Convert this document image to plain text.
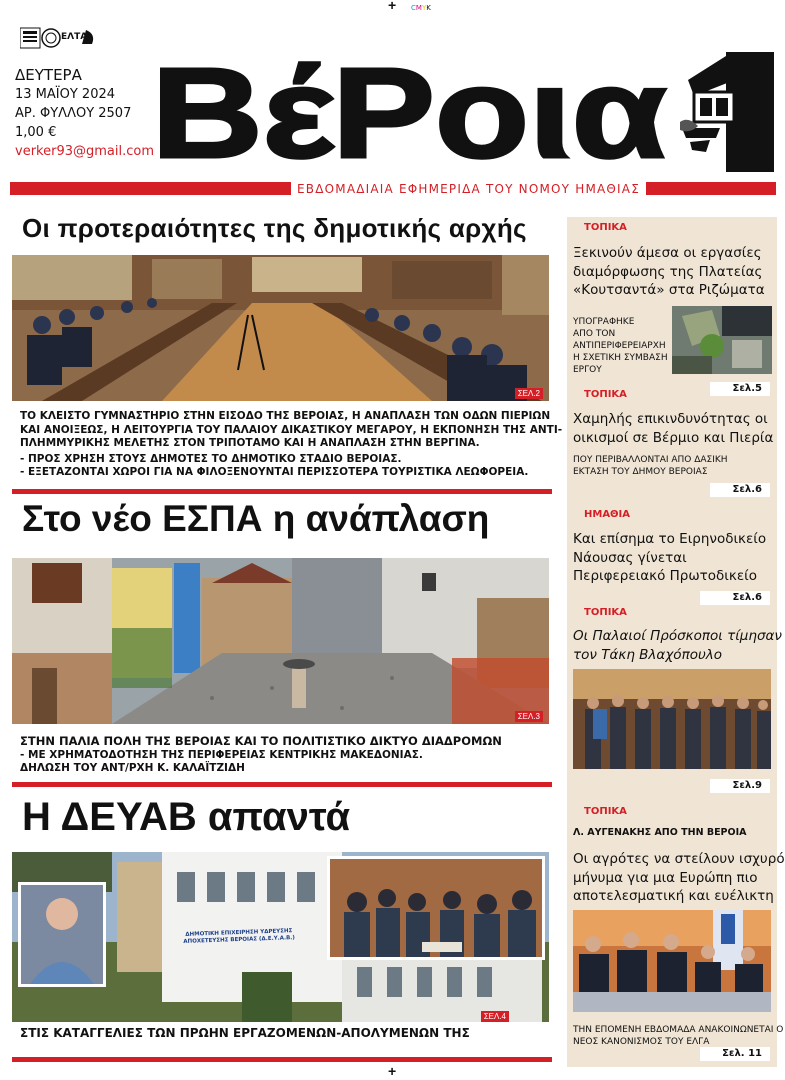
+ CMYK
+
ΕΛΤΑ
ΔΕΥΤΕΡΑ
13 ΜΑΪΟΥ 2024
ΑΡ. ΦΥΛΛΟΥ 2507
1,00 €
verker93@gmail.com
ΒέΡοια
ΕΒΔΟΜΑΔΙΑΙΑ ΕΦΗΜΕΡΙΔΑ ΤΟΥ ΝΟΜΟΥ ΗΜΑΘΙΑΣ
Οι προτεραιότητες της δημοτικής αρχής
ΣΕΛ.2
ΤΟ ΚΛΕΙΣΤΟ ΓΥΜΝΑΣΤΗΡΙΟ ΣΤΗΝ ΕΙΣΟΔΟ ΤΗΣ ΒΕΡΟΙΑΣ, Η ΑΝΑΠΛΑΣΗ ΤΩΝ ΟΔΩΝ ΠΙΕΡΙΩΝ
ΚΑΙ ΑΝΟΙΞΕΩΣ, Η ΛΕΙΤΟΥΡΓΙΑ ΤΟΥ ΠΑΛΑΙΟΥ ΔΙΚΑΣΤΙΚΟΥ ΜΕΓΑΡΟΥ, Η ΕΚΠΟΝΗΣΗ ΤΗΣ ΑΝΤΙ-
ΠΛΗΜΜΥΡΙΚΗΣ ΜΕΛΕΤΗΣ ΣΤΟΝ ΤΡΙΠΟΤΑΜΟ ΚΑΙ Η ΑΝΑΠΛΑΣΗ ΣΤΗΝ ΒΕΡΓΙΝΑ.
- ΠΡΟΣ ΧΡΗΣΗ ΣΤΟΥΣ ΔΗΜΟΤΕΣ ΤΟ ΔΗΜΟΤΙΚΟ ΣΤΑΔΙΟ ΒΕΡΟΙΑΣ.
- ΕΞΕΤΑΖΟΝΤΑΙ ΧΩΡΟΙ ΓΙΑ ΝΑ ΦΙΛΟΞΕΝΟΥΝΤΑΙ ΠΕΡΙΣΣΟΤΕΡΑ ΤΟΥΡΙΣΤΙΚΑ ΛΕΩΦΟΡΕΙΑ.
Στο νέο ΕΣΠΑ η ανάπλαση
ΣΕΛ.3
ΣΤΗΝ ΠΑΛΙΑ ΠΟΛΗ ΤΗΣ ΒΕΡΟΙΑΣ ΚΑΙ ΤΟ ΠΟΛΙΤΙΣΤΙΚΟ ΔΙΚΤΥΟ ΔΙΑΔΡΟΜΩΝ
- ΜΕ ΧΡΗΜΑΤΟΔΟΤΗΣΗ ΤΗΣ ΠΕΡΙΦΕΡΕΙΑΣ ΚΕΝΤΡΙΚΗΣ ΜΑΚΕΔΟΝΙΑΣ.
ΔΗΛΩΣΗ ΤΟΥ ΑΝΤ/ΡΧΗ Κ. ΚΑΛΑΪΤΖΙΔΗ
Η ΔΕΥΑΒ απαντά
ΔΗΜΟΤΙΚΗ ΕΠΙΧΕΙΡΗΣΗ ΥΔΡΕΥΣΗΣ ΑΠΟΧΕΤΕΥΣΗΣ ΒΕΡΟΙΑΣ (Δ.Ε.Υ.Α.Β.)
ΣΕΛ.4
ΣΤΙΣ ΚΑΤΑΓΓΕΛΙΕΣ ΤΩΝ ΠΡΩΗΝ ΕΡΓΑΖΟΜΕΝΩΝ-ΑΠΟΛΥΜΕΝΩΝ ΤΗΣ
ΤΟΠΙΚΑ
Ξεκινούν άμεσα οι εργασίες
διαμόρφωσης της Πλατείας
«Κουτσαντά» στα Ριζώματα
ΥΠΟΓΡΑΦΗΚΕ
ΑΠΟ ΤΟΝ
ΑΝΤΙΠΕΡΙΦΕΡΕΙΑΡΧΗ
Η ΣΧΕΤΙΚΗ ΣΥΜΒΑΣΗ
ΕΡΓΟΥ
Σελ.5
ΤΟΠΙΚΑ
Χαμηλής επικινδυνότητας οι
οικισμοί σε Βέρμιο και Πιερία
ΠΟΥ ΠΕΡΙΒΑΛΛΟΝΤΑΙ ΑΠΟ ΔΑΣΙΚΗ
ΕΚΤΑΣΗ ΤΟΥ ΔΗΜΟΥ ΒΕΡΟΙΑΣ
Σελ.6
ΗΜΑΘΙΑ
Και επίσημα το Ειρηνοδικείο
Νάουσας γίνεται
Περιφερειακό Πρωτοδικείο
Σελ.6
ΤΟΠΙΚΑ
Οι Παλαιοί Πρόσκοποι τίμησαν
τον Τάκη Βλαχόπουλο
Σελ.9
ΤΟΠΙΚΑ
Λ. ΑΥΓΕΝΑΚΗΣ ΑΠΟ ΤΗΝ ΒΕΡΟΙΑ
Οι αγρότες να στείλουν ισχυρό
μήνυμα για μια Ευρώπη πιο
αποτελεσματική και ευέλικτη
ΤΗΝ ΕΠΟΜΕΝΗ ΕΒΔΟΜΑΔΑ ΑΝΑΚΟΙΝΩΝΕΤΑΙ Ο
ΝΕΟΣ ΚΑΝΟΝΙΣΜΟΣ ΤΟΥ ΕΛΓΑ
Σελ. 11
